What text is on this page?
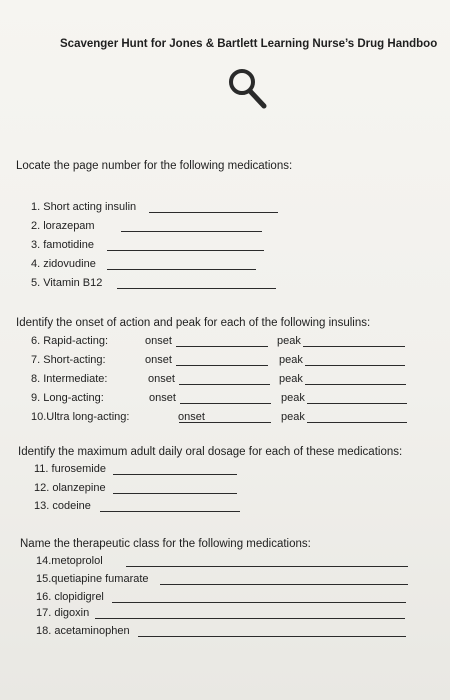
Scavenger Hunt for Jones & Bartlett Learning Nurse’s Drug Handboo
Locate the page number for the following medications:
1. Short acting insulin
2. lorazepam
3. famotidine
4. zidovudine
5. Vitamin B12
Identify the onset of action and peak for each of the following insulins:
6. Rapid-acting:	onset	peak
7. Short-acting:	onset	peak
8. Intermediate:	onset	peak
9. Long-acting:	onset	peak
10.Ultra long-acting:	onset	peak
Identify the maximum adult daily oral dosage for each of these medications:
11. furosemide
12. olanzepine
13. codeine
Name the therapeutic class for the following medications:
14.metoprolol
15.quetiapine fumarate
16. clopidigrel
17. digoxin
18. acetaminophen
